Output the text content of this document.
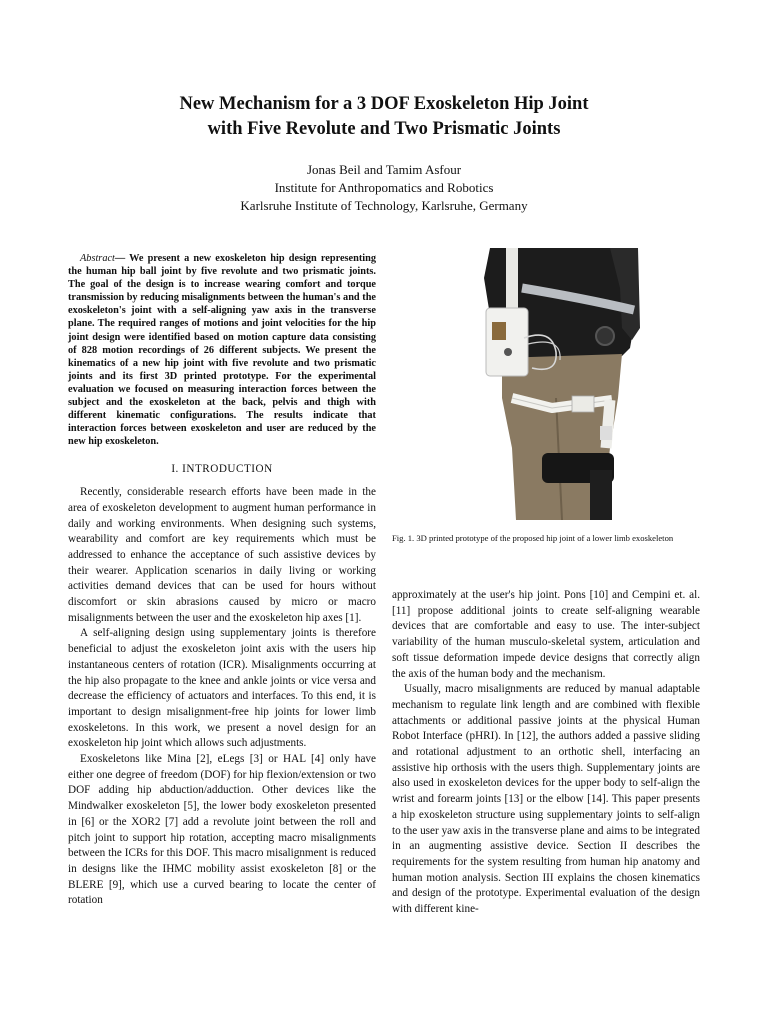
New Mechanism for a 3 DOF Exoskeleton Hip Joint
with Five Revolute and Two Prismatic Joints
Jonas Beil and Tamim Asfour
Institute for Anthropomatics and Robotics
Karlsruhe Institute of Technology, Karlsruhe, Germany

Abstract— We present a new exoskeleton hip design representing the human hip ball joint by five revolute and two prismatic joints. The goal of the design is to increase wearing comfort and torque transmission by reducing misalignments between the human's and the exoskeleton's joint with a self-aligning yaw axis in the transverse plane. The required ranges of motions and joint velocities for the hip joint design were identified based on motion capture data consisting of 828 motion recordings of 26 different subjects. We present the kinematics of a new hip joint with five revolute and two prismatic joints and its first 3D printed prototype. For the experimental evaluation we focused on measuring interaction forces between the subject and the exoskeleton at the back, pelvis and thigh with different kinematic configurations. The results indicate that interaction forces between exoskeleton and user are reduced by the new hip exoskeleton.

I. INTRODUCTION

Recently, considerable research efforts have been made in the area of exoskeleton development to augment human performance in daily and working environments. When designing such systems, wearability and comfort are key requirements which must be addressed to enhance the acceptance of such assistive devices by their wearer. Application scenarios in daily living or working activities demand devices that can be used for hours without discomfort or skin abrasions caused by micro or macro misalignments between the user and the exoskeleton hip axes [1].

A self-aligning design using supplementary joints is therefore beneficial to adjust the exoskeleton joint axis with the users hip instantaneous centers of rotation (ICR). Misalignments occurring at the hip also propagate to the knee and ankle joints or vice versa and decrease the efficiency of actuators and interfaces. To this end, it is important to design misalignment-free hip joints for lower limb exoskeletons. In this work, we present a novel design for an exoskeleton hip joint which allows such adjustments.

Exoskeletons like Mina [2], eLegs [3] or HAL [4] only have either one degree of freedom (DOF) for hip flexion/extension or two DOF adding hip abduction/adduction. Other devices like the Mindwalker exoskeleton [5], the lower body exoskeleton presented in [6] or the XOR2 [7] add a revolute joint between the roll and pitch joint to support hip rotation, accepting macro misalignments between the ICRs for this DOF. This macro misalignment is reduced in designs like the IHMC mobility assist exoskeleton [8] or the BLERE [9], which use a curved bearing to locate the center of rotation

Fig. 1. 3D printed prototype of the proposed hip joint of a lower limb exoskeleton

approximately at the user's hip joint. Pons [10] and Cempini et. al. [11] propose additional joints to create self-aligning wearable devices that are comfortable and easy to use. The inter-subject variability of the human musculo-skeletal system, articulation and soft tissue deformation impede device designs that correctly align the axis of the human body and the mechanism.

Usually, macro misalignments are reduced by manual adaptable mechanism to regulate link length and are combined with flexible attachments or additional passive joints at the physical Human Robot Interface (pHRI). In [12], the authors added a passive sliding and rotational adjustment to an orthotic shell, interfacing an assistive hip orthosis with the users thigh. Supplementary joints are also used in exoskeleton devices for the upper body to self-align the wrist and forearm joints [13] or the elbow [14]. This paper presents a hip exoskeleton structure using supplementary joints to self-align to the user yaw axis in the transverse plane and aims to be integrated in an augmenting assistive device. Section II describes the requirements for the system resulting from human hip anatomy and human motion analysis. Section III explains the chosen kinematics and design of the prototype. Experimental evaluation of the design with different kine-
